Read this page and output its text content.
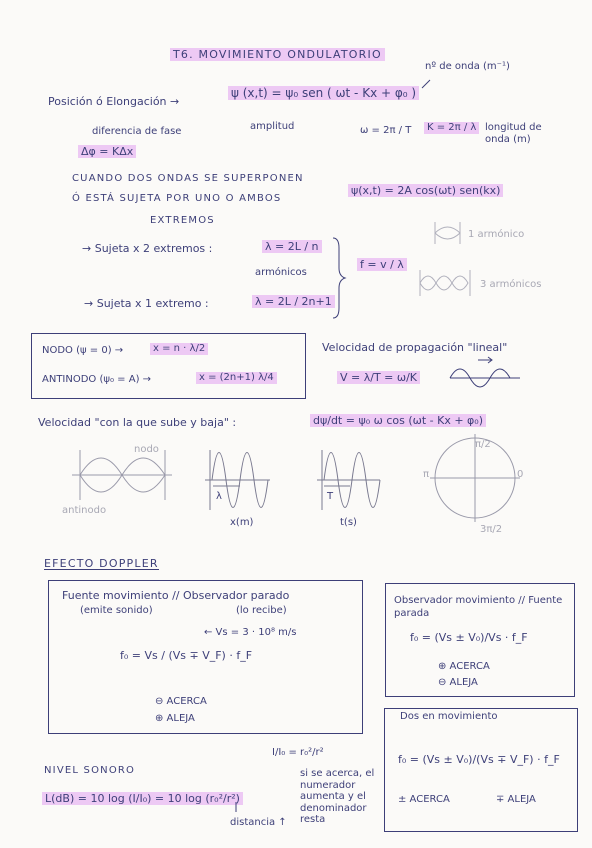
T6. MOVIMIENTO ONDULATORIO
nº de onda (m⁻¹)
Posición ó Elongación →
ψ (x,t) = ψ₀ sen ( ωt - Kx + φ₀ )
amplitud	ω = 2π / T	K = 2π / λ longitud de onda (m)
diferencia de fase
Δφ = KΔx
CUANDO DOS ONDAS SE SUPERPONEN
Ó ESTÁ SUJETA POR UNO O AMBOS
EXTREMOS
ψ(x,t) = 2A cos(ωt) sen(kx)
→ Sujeta x 2 extremos :	λ = 2L / n
armónicos
→ Sujeta x 1 extremo :	λ = 2L / 2n+1
f = v / λ
1 armónico
3 armónicos
NODO (ψ = 0) →	x = n · λ/2
ANTINODO (ψ₀ = A) →	x = (2n+1) λ/4
Velocidad de propagación "lineal"
V = λ/T = ω/K
Velocidad "con la que sube y baja" :	dψ/dt = ψ₀ ω cos (ωt - Kx + φ₀)
nodo
antinodo
λ
x(m)
T
t(s)
π/2
π	0
3π/2
EFECTO DOPPLER
Fuente movimiento // Observador parado
(emite sonido)	(lo recibe)
← Vs = 3 · 10⁸ m/s
f₀ = Vs / (Vs ∓ V_F) · f_F
⊖ ACERCA
⊕ ALEJA
Observador movimiento // Fuente parada
f₀ = (Vs ± V₀)/Vs · f_F
⊕ ACERCA
⊖ ALEJA
Dos en movimiento
f₀ = (Vs ± V₀)/(Vs ∓ V_F) · f_F
± ACERCA	∓ ALEJA
NIVEL SONORO
I/I₀ = r₀²/r²
L(dB) = 10 log (I/I₀) = 10 log (r₀²/r²)
si se acerca, el numerador aumenta y el denominador resta
distancia ↑
